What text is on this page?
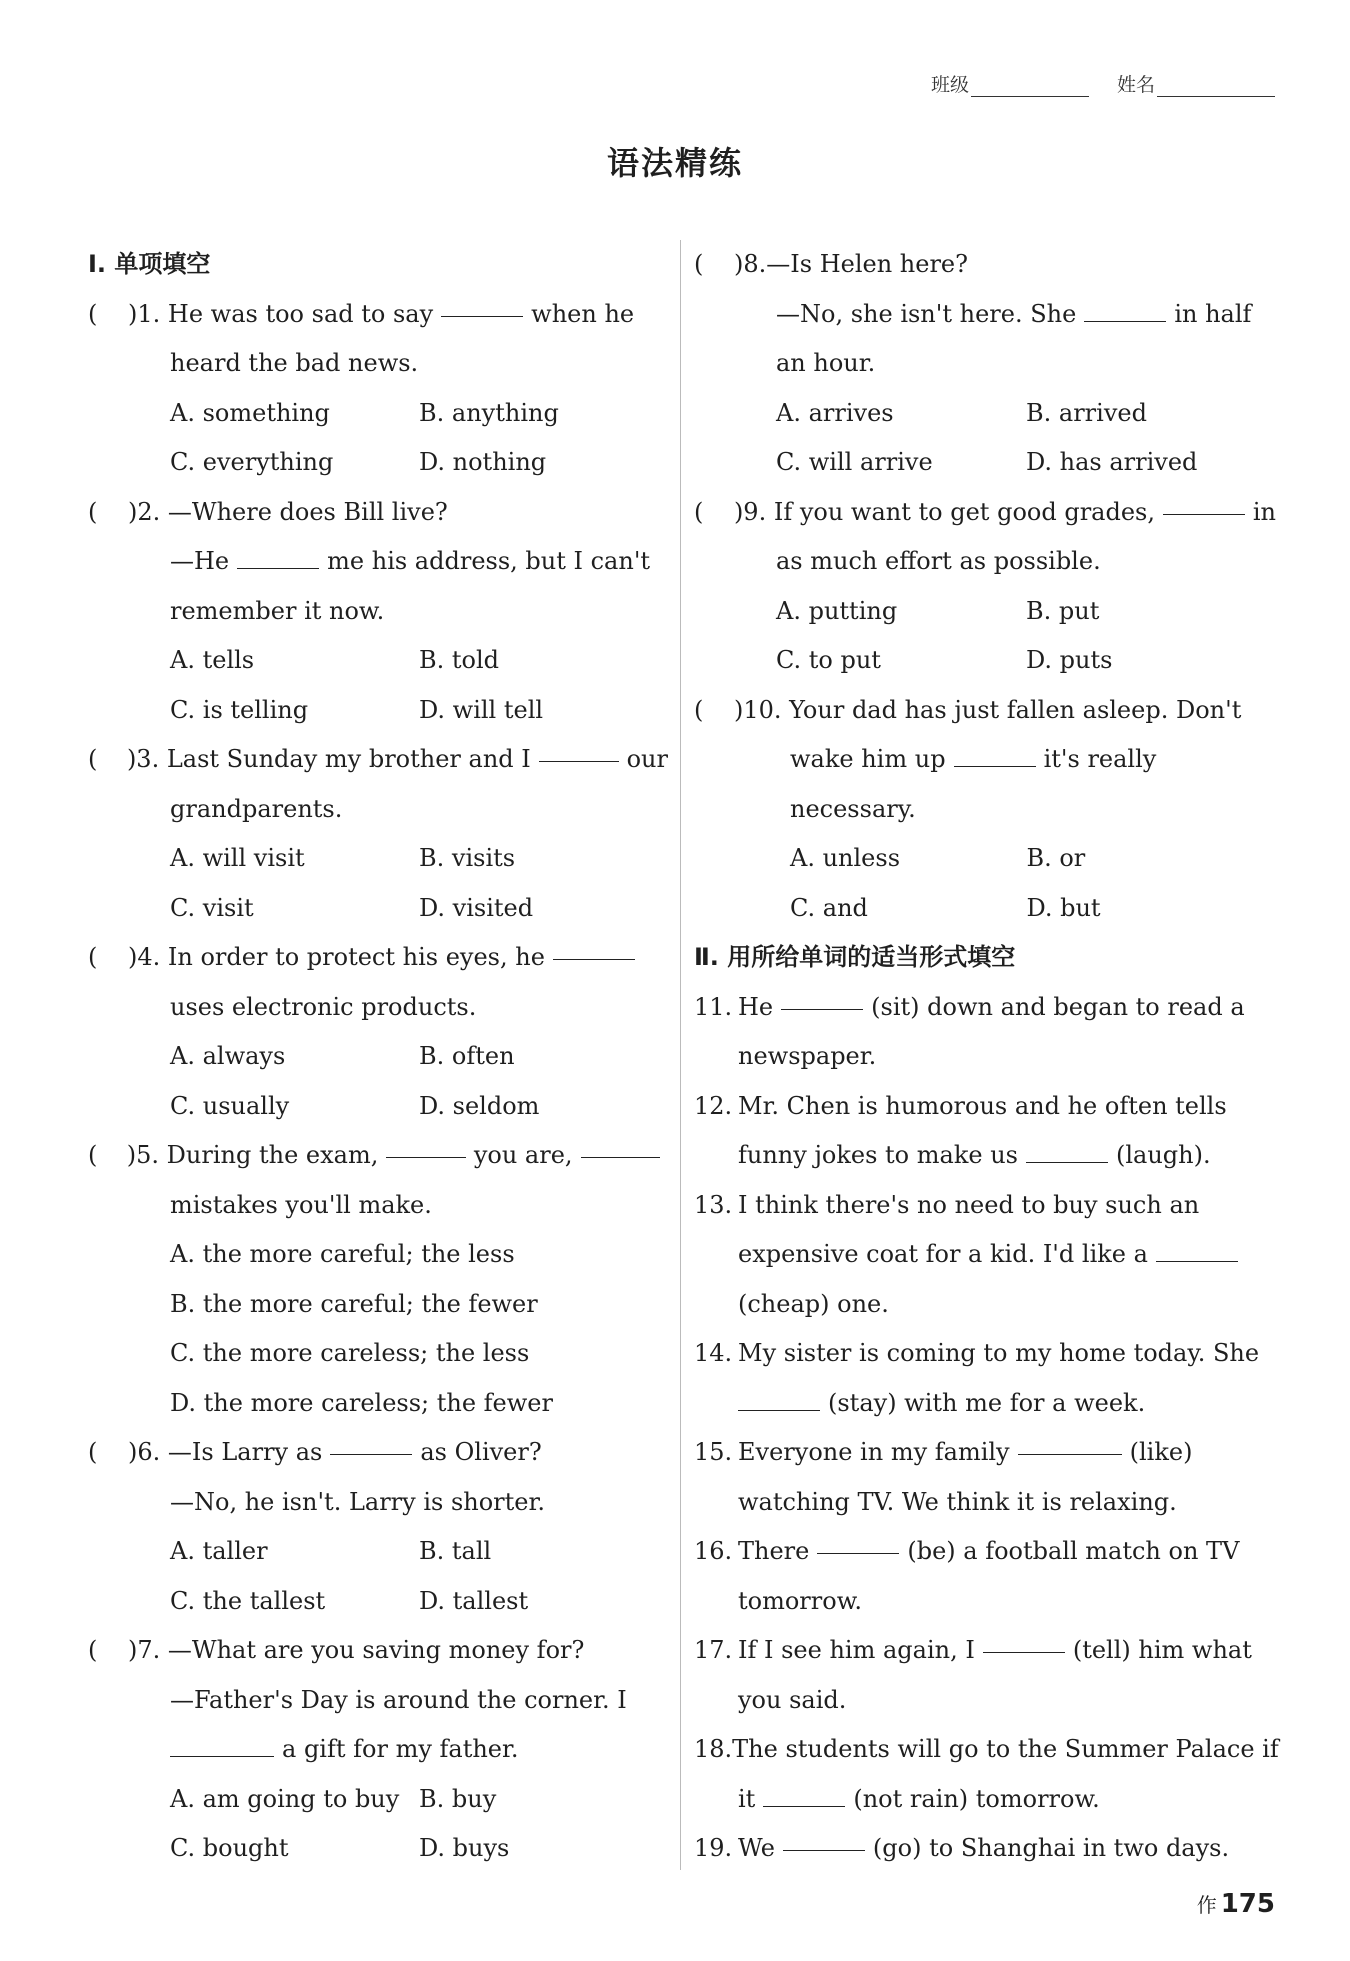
班级	姓名
语法精练
Ⅰ. 单项填空
(	)1.
He was too sad to say	when he
heard the bad news.
A. something	B. anything
C. everything	D. nothing
(	)2.
—Where does Bill live?
—He	me his address, but I can't
remember it now.
A. tells	B. told
C. is telling	D. will tell
(	)3.
Last Sunday my brother and I	our
grandparents.
A. will visit	B. visits
C. visit	D. visited
(	)4.
In order to protect his eyes, he
uses electronic products.
A. always	B. often
C. usually	D. seldom
(	)5.
During the exam,	you are,
mistakes you'll make.
A. the more careful; the less
B. the more careful; the fewer
C. the more careless; the less
D. the more careless; the fewer
(	)6.
—Is Larry as	as Oliver?
—No, he isn't. Larry is shorter.
A. taller	B. tall
C. the tallest	D. tallest
(	)7.
—What are you saving money for?
—Father's Day is around the corner. I
a gift for my father.
A. am going to buy B. buy
C. bought	D. buys
(	)8. —Is Helen here?
—No, she isn't here. She	in half
an hour.
A. arrives	B. arrived
C. will arrive	D. has arrived
(	)9.
If you want to get good grades,	in
as much effort as possible.
A. putting	B. put
C. to put	D. puts
(	)10.
Your dad has just fallen asleep. Don't
wake him up	it's really necessary.
A. unless	B. or
C. and	D. but
Ⅱ. 用所给单词的适当形式填空
11. He	(sit) down and began to read a
newspaper.
12. Mr. Chen is humorous and he often tells
funny jokes to make us	(laugh).
13. I think there's no need to buy such an
expensive coat for a kid. I'd like a
(cheap) one.
14. My sister is coming to my home today. She
(stay) with me for a week.
15. Everyone in my family	(like)
watching TV. We think it is relaxing.
16. There	(be) a football match on TV
tomorrow.
17. If I see him again, I	(tell) him what
you said.
18. The students will go to the Summer Palace if
it	(not rain) tomorrow.
19. We	(go) to Shanghai in two days.
作 175
